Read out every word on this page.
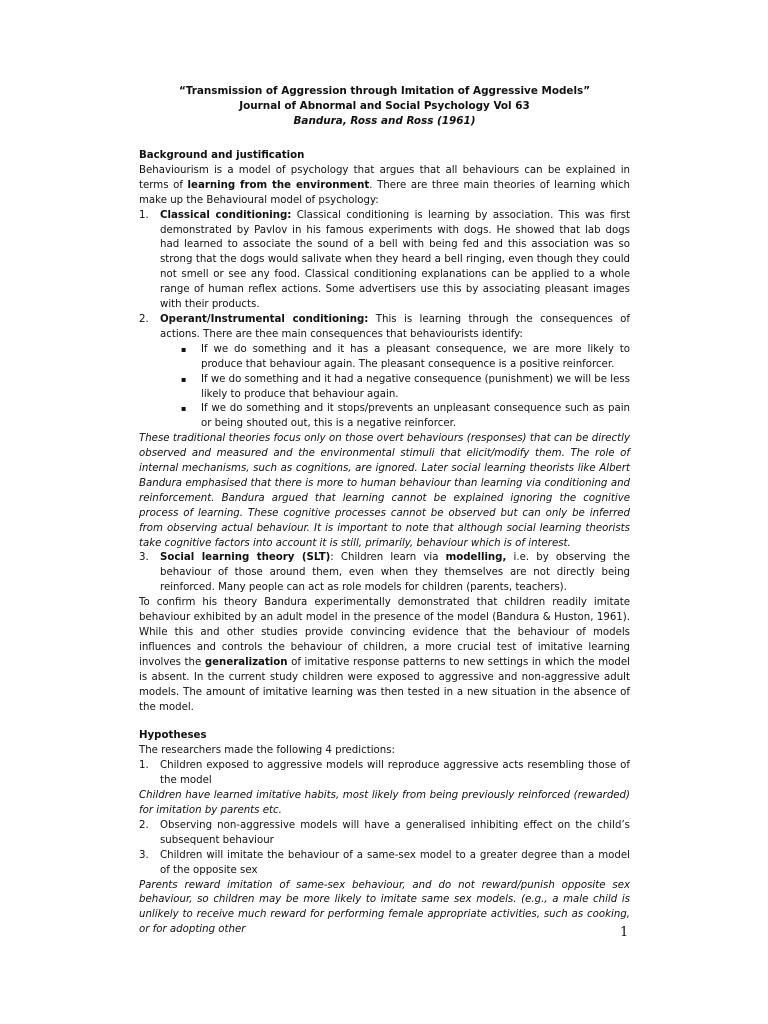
“Transmission of Aggression through Imitation of Aggressive Models”
Journal of Abnormal and Social Psychology Vol 63
Bandura, Ross and Ross (1961)
Background and justification

Behaviourism is a model of psychology that argues that all behaviours can be explained in terms of learning from the environment. There are three main theories of learning which make up the Behavioural model of psychology:

1. Classical conditioning: Classical conditioning is learning by association. This was first demonstrated by Pavlov in his famous experiments with dogs. He showed that lab dogs had learned to associate the sound of a bell with being fed and this association was so strong that the dogs would salivate when they heard a bell ringing, even though they could not smell or see any food. Classical conditioning explanations can be applied to a whole range of human reflex actions. Some advertisers use this by associating pleasant images with their products.
2. Operant/Instrumental conditioning: This is learning through the consequences of actions. There are thee main consequences that behaviourists identify:
▪ If we do something and it has a pleasant consequence, we are more likely to produce that behaviour again. The pleasant consequence is a positive reinforcer.
▪ If we do something and it had a negative consequence (punishment) we will be less likely to produce that behaviour again.
▪ If we do something and it stops/prevents an unpleasant consequence such as pain or being shouted out, this is a negative reinforcer.

These traditional theories focus only on those overt behaviours (responses) that can be directly observed and measured and the environmental stimuli that elicit/modify them. The role of internal mechanisms, such as cognitions, are ignored. Later social learning theorists like Albert Bandura emphasised that there is more to human behaviour than learning via conditioning and reinforcement. Bandura argued that learning cannot be explained ignoring the cognitive process of learning. These cognitive processes cannot be observed but can only be inferred from observing actual behaviour. It is important to note that although social learning theorists take cognitive factors into account it is still, primarily, behaviour which is of interest.

3. Social learning theory (SLT): Children learn via modelling, i.e. by observing the behaviour of those around them, even when they themselves are not directly being reinforced. Many people can act as role models for children (parents, teachers).

To confirm his theory Bandura experimentally demonstrated that children readily imitate behaviour exhibited by an adult model in the presence of the model (Bandura & Huston, 1961). While this and other studies provide convincing evidence that the behaviour of models influences and controls the behaviour of children, a more crucial test of imitative learning involves the generalization of imitative response patterns to new settings in which the model is absent. In the current study children were exposed to aggressive and non-aggressive adult models. The amount of imitative learning was then tested in a new situation in the absence of the model.

Hypotheses

The researchers made the following 4 predictions:

1. Children exposed to aggressive models will reproduce aggressive acts resembling those of the model

Children have learned imitative habits, most likely from being previously reinforced (rewarded) for imitation by parents etc.

2. Observing non-aggressive models will have a generalised inhibiting effect on the child’s subsequent behaviour
3. Children will imitate the behaviour of a same-sex model to a greater degree than a model of the opposite sex

Parents reward imitation of same-sex behaviour, and do not reward/punish opposite sex behaviour, so children may be more likely to imitate same sex models. (e.g., a male child is unlikely to receive much reward for performing female appropriate activities, such as cooking, or for adopting other	1
